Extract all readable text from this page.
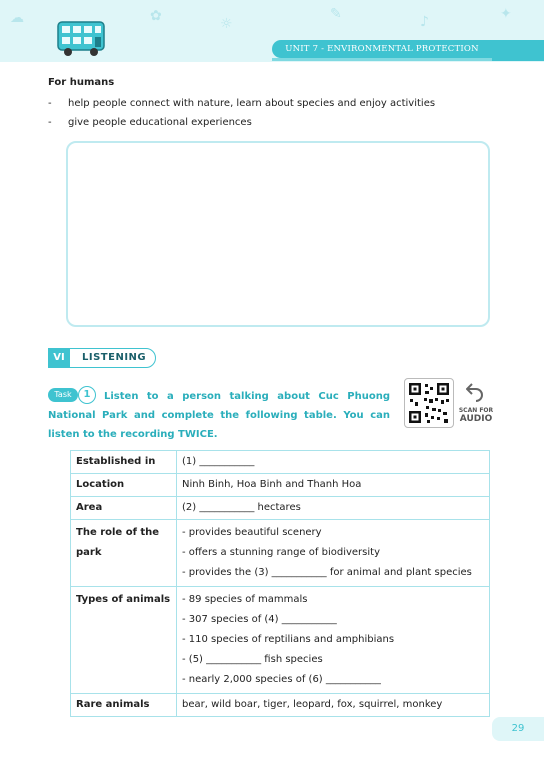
✿	☼
✎	♪	✦
☁
UNIT 7 - ENVIRONMENTAL PROTECTION
For humans
- help people connect with nature, learn about species and enjoy activities
- give people educational experiences
VI	LISTENING
Listen to a person talking about Cuc Phuong National Park and complete the following table. You can listen to the recording TWICE.
Task	1
SCAN FOR
AUDIO
Established in	(1) ___________
Location	Ninh Binh, Hoa Binh and Thanh Hoa
Area	(2) ___________ hectares
The role of the park	- provides beautiful scenery
- offers a stunning range of biodiversity
- provides the (3) ___________ for animal and plant species

Types of animals	- 89 species of mammals
- 307 species of (4) ___________
- 110 species of reptilians and amphibians
- (5) ___________ fish species
- nearly 2,000 species of (6) ___________

Rare animals	bear, wild boar, tiger, leopard, fox, squirrel, monkey
29
